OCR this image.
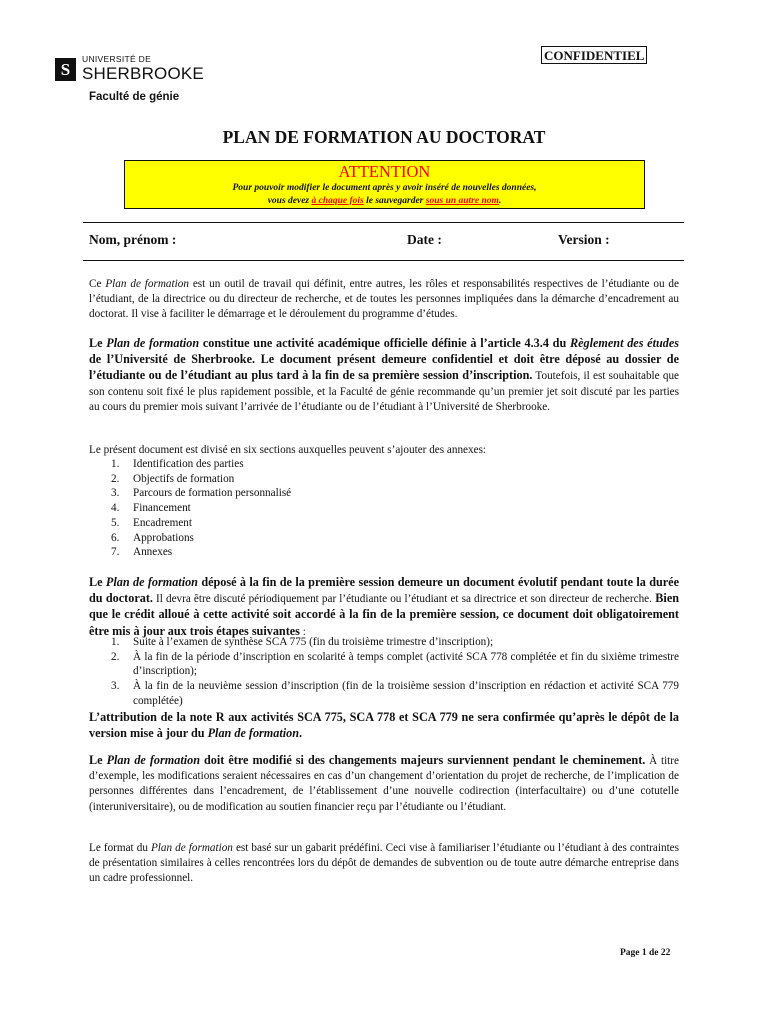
S
UNIVERSITÉ DE
SHERBROOKE
Faculté de génie
CONFIDENTIEL
PLAN DE FORMATION AU DOCTORAT
ATTENTION
Pour pouvoir modifier le document après y avoir inséré de nouvelles données,
vous devez à chaque fois le sauvegarder sous un autre nom.
Nom, prénom :	Date :	Version :
Ce Plan de formation est un outil de travail qui définit, entre autres, les rôles et responsabilités respectives de l’étudiante ou de l’étudiant, de la directrice ou du directeur de recherche, et de toutes les personnes impliquées dans la démarche d’encadrement au doctorat. Il vise à faciliter le démarrage et le déroulement du programme d’études.
Le Plan de formation constitue une activité académique officielle définie à l’article 4.3.4 du Règlement des études de l’Université de Sherbrooke. Le document présent demeure confidentiel et doit être déposé au dossier de l’étudiante ou de l’étudiant au plus tard à la fin de sa première session d’inscription. Toutefois, il est souhaitable que son contenu soit fixé le plus rapidement possible, et la Faculté de génie recommande qu’un premier jet soit discuté par les parties au cours du premier mois suivant l’arrivée de l’étudiante ou de l’étudiant à l’Université de Sherbrooke.
Le présent document est divisé en six sections auxquelles peuvent s’ajouter des annexes:
1.	Identification des parties
2.	Objectifs de formation
3.	Parcours de formation personnalisé
4.	Financement
5.	Encadrement
6.	Approbations
7.	Annexes
Le Plan de formation déposé à la fin de la première session demeure un document évolutif pendant toute la durée du doctorat. Il devra être discuté périodiquement par l’étudiante ou l’étudiant et sa directrice et son directeur de recherche. Bien que le crédit alloué à cette activité soit accordé à la fin de la première session, ce document doit obligatoirement être mis à jour aux trois étapes suivantes :
1.	Suite à l’examen de synthèse SCA 775 (fin du troisième trimestre d’inscription);
2.	À la fin de la période d’inscription en scolarité à temps complet (activité SCA 778 complétée et fin du sixième trimestre d’inscription);
3.	À la fin de la neuvième session d’inscription (fin de la troisième session d’inscription en rédaction et activité SCA 779 complétée)
L’attribution de la note R aux activités SCA 775, SCA 778 et SCA 779 ne sera confirmée qu’après le dépôt de la version mise à jour du Plan de formation.
Le Plan de formation doit être modifié si des changements majeurs surviennent pendant le cheminement. À titre d’exemple, les modifications seraient nécessaires en cas d’un changement d’orientation du projet de recherche, de l’implication de personnes différentes dans l’encadrement, de l’établissement d’une nouvelle codirection (interfacultaire) ou d’une cotutelle (interuniversitaire), ou de modification au soutien financier reçu par l’étudiante ou l’étudiant.
Le format du Plan de formation est basé sur un gabarit prédéfini. Ceci vise à familiariser l’étudiante ou l’étudiant à des contraintes de présentation similaires à celles rencontrées lors du dépôt de demandes de subvention ou de toute autre démarche entreprise dans un cadre professionnel.
Page 1 de 22
